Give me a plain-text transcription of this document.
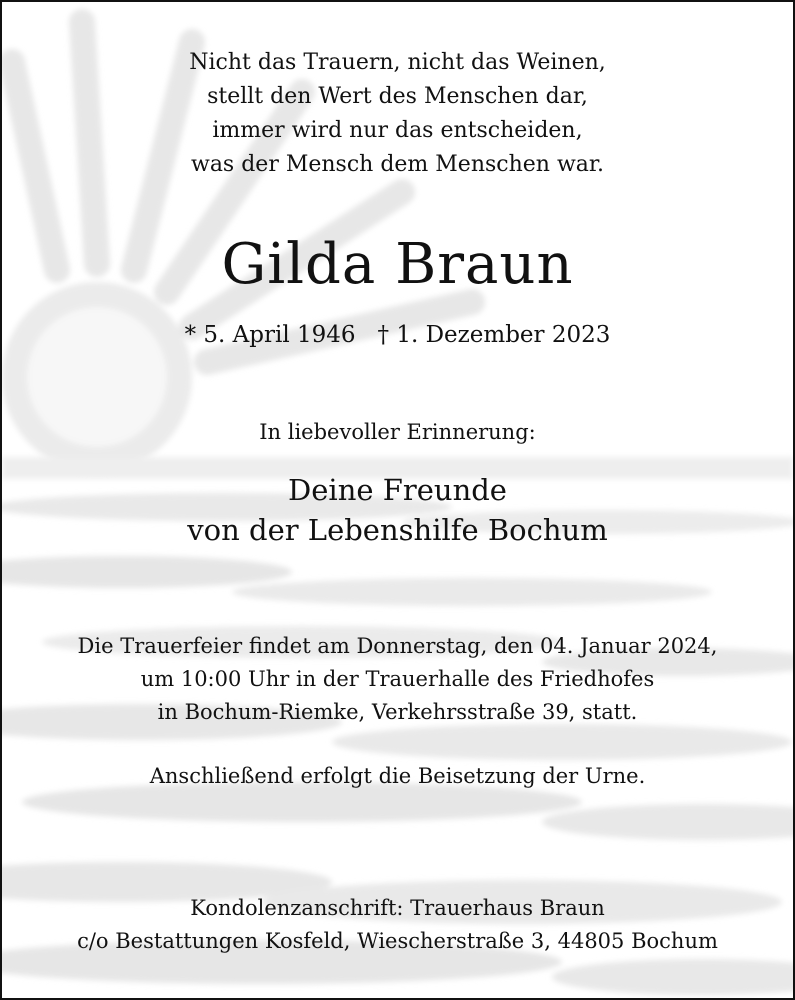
Nicht das Trauern, nicht das Weinen,
stellt den Wert des Menschen dar,
immer wird nur das entscheiden,
was der Mensch dem Menschen war.
Gilda Braun
* 5. April 1946 † 1. Dezember 2023
In liebevoller Erinnerung:
Deine Freunde
von der Lebenshilfe Bochum
Die Trauerfeier findet am Donnerstag, den 04. Januar 2024,
um 10:00 Uhr in der Trauerhalle des Friedhofes
in Bochum-Riemke, Verkehrsstraße 39, statt.
Anschließend erfolgt die Beisetzung der Urne.
Kondolenzanschrift: Trauerhaus Braun
c/o Bestattungen Kosfeld, Wiescherstraße 3, 44805 Bochum
